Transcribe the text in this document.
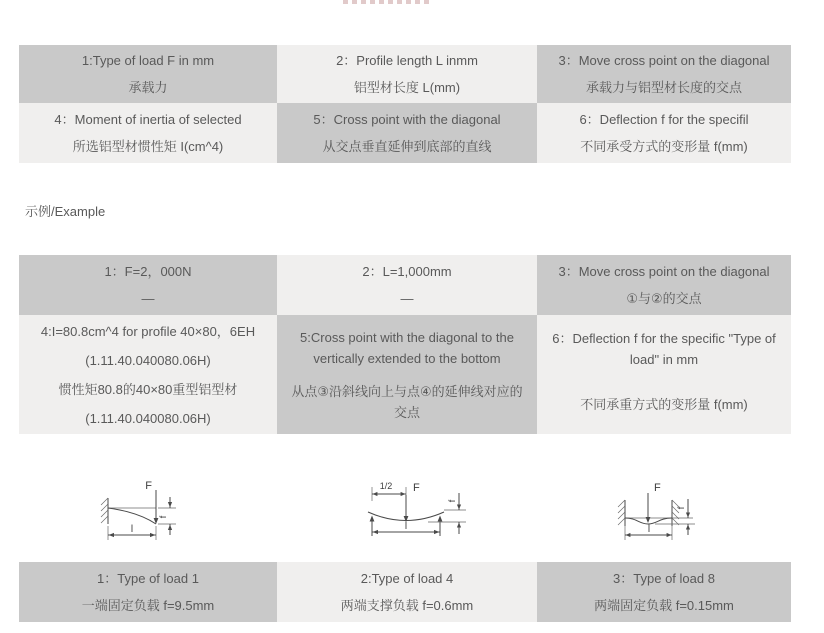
1:Type of load F in mm
承载力
2：Profile length L inmm
铝型材长度 L(mm)
3：Move cross point on the diagonal
承载力与铝型材长度的交点
4：Moment of inertia of selected
所选铝型材惯性矩 I(cm^4)
5：Cross point with the diagonal
从交点垂直延伸到底部的直线
6：Deflection f for the specifil
不同承受方式的变形量 f(mm)
示例/Example
1：F=2，000N
—
2：L=1,000mm
—
3：Move cross point on the diagonal
①与②的交点
4:I=80.8cm^4 for profile 40×80，6EH
(1.11.40.040080.06H)
惯性矩80.8的40×80重型铝型材
(1.11.40.040080.06H)
5:Cross point with the diagonal to the vertically extended to the bottom
从点③沿斜线向上与点④的延伸线对应的交点
6：Deflection f for the specific "Type of load" in mm
不同承重方式的变形量 f(mm)
F
f
l
1/2 F
l
f
F
l
f
1：Type of load 1
一端固定负载 f=9.5mm
2:Type of load 4
两端支撑负载 f=0.6mm
3：Type of load 8
两端固定负载 f=0.15mm
